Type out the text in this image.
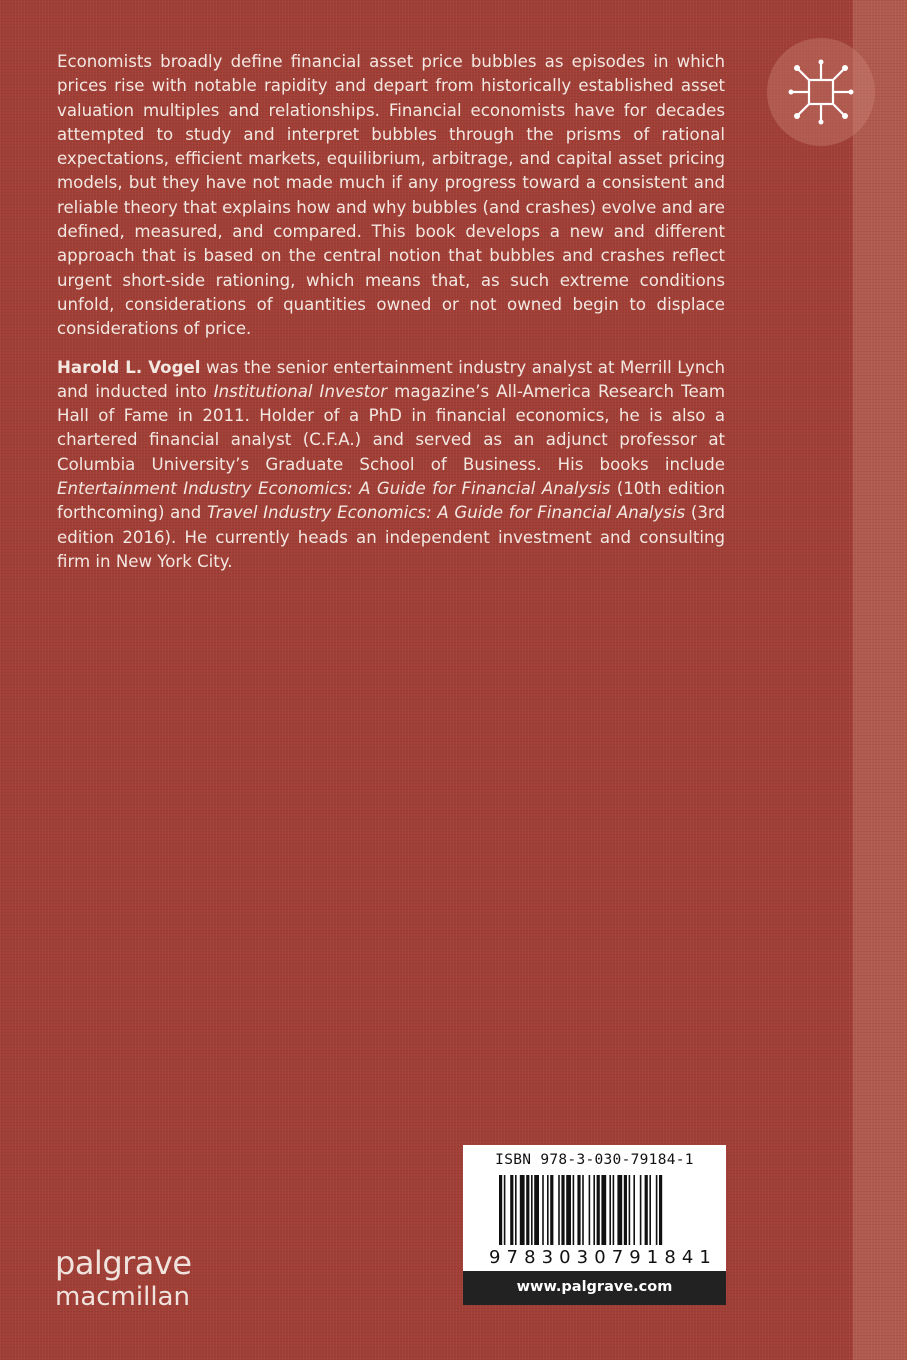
Economists broadly define financial asset price bubbles as episodes in which prices rise with notable rapidity and depart from historically established asset valuation multiples and relationships. Financial economists have for decades attempted to study and interpret bubbles through the prisms of rational expectations, efficient markets, equilibrium, arbitrage, and capital asset pricing models, but they have not made much if any progress toward a consistent and reliable theory that explains how and why bubbles (and crashes) evolve and are defined, measured, and compared. This book develops a new and different approach that is based on the central notion that bubbles and crashes reflect urgent short-side rationing, which means that, as such extreme conditions unfold, considerations of quantities owned or not owned begin to displace considerations of price.

Harold L. Vogel was the senior entertainment industry analyst at Merrill Lynch and inducted into Institutional Investor magazine’s All-America Research Team Hall of Fame in 2011. Holder of a PhD in financial economics, he is also a chartered financial analyst (C.F.A.) and served as an adjunct professor at Columbia University’s Graduate School of Business. His books include Entertainment Industry Economics: A Guide for Financial Analysis (10th edition forthcoming) and Travel Industry Economics: A Guide for Financial Analysis (3rd edition 2016). He currently heads an independent investment and consulting firm in New York City.

palgrave
macmillan
ISBN 978-3-030-79184-1
9 7 8 3 0 3 0 7 9 1 8 4 1
www.palgrave.com
